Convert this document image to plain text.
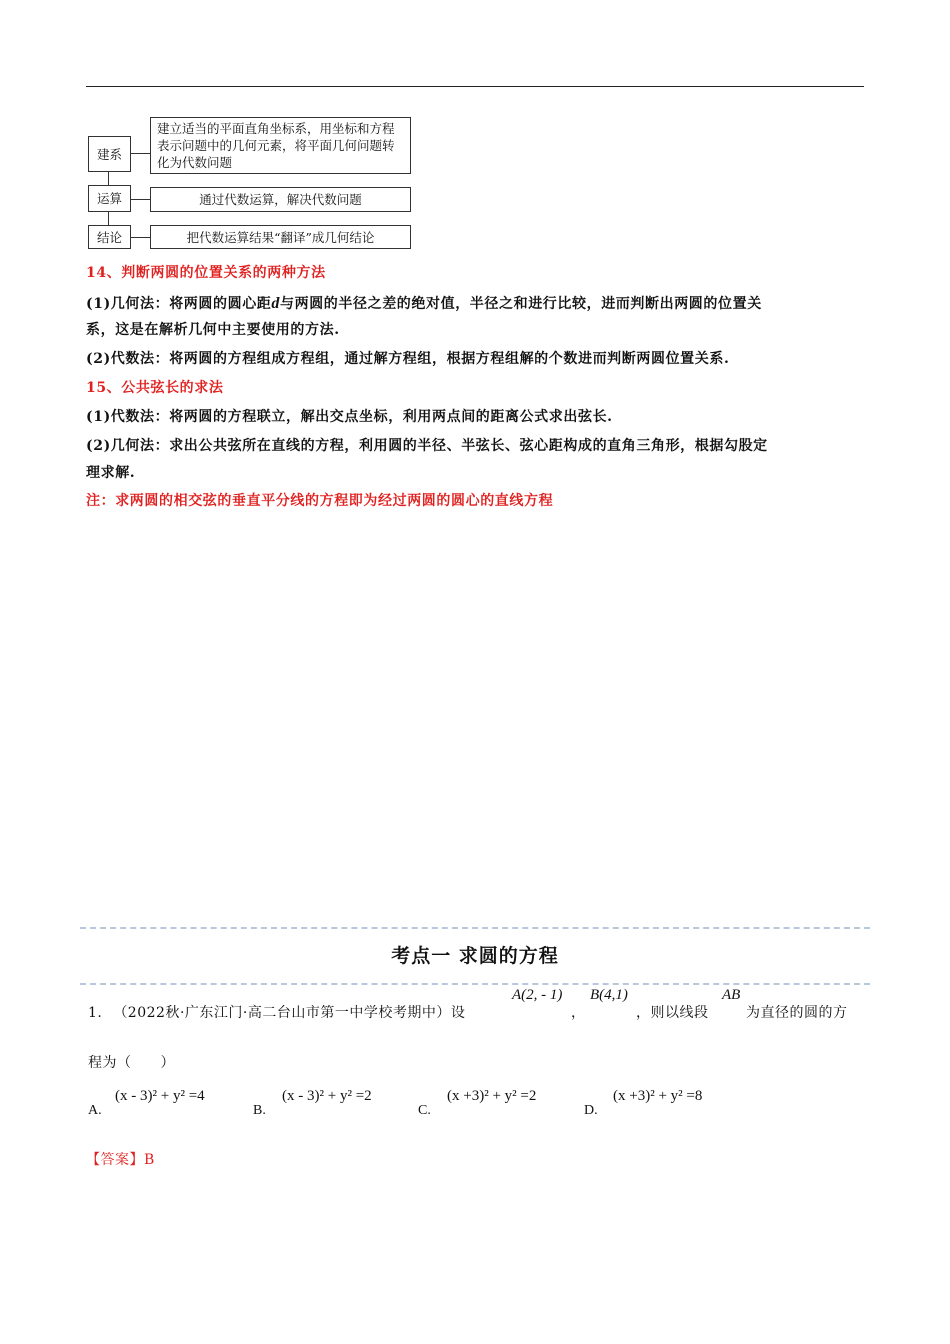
建系
建立适当的平面直角坐标系，用坐标和方程
表示问题中的几何元素，将平面几何问题转
化为代数问题
运算	通过代数运算，解决代数问题
结论	把代数运算结果“翻译”成几何结论
14、判断两圆的位置关系的两种方法
(1)几何法：将两圆的圆心距d与两圆的半径之差的绝对值，半径之和进行比较，进而判断出两圆的位置关
系，这是在解析几何中主要使用的方法.
(2)代数法：将两圆的方程组成方程组，通过解方程组，根据方程组解的个数进而判断两圆位置关系.
15、公共弦长的求法
(1)代数法：将两圆的方程联立，解出交点坐标，利用两点间的距离公式求出弦长.
(2)几何法：求出公共弦所在直线的方程，利用圆的半径、半弦长、弦心距构成的直角三角形，根据勾股定
理求解.
注：求两圆的相交弦的垂直平分线的方程即为经过两圆的圆心的直线方程
考点一 求圆的方程
1. （2022秋·广东江门·高二台山市第一中学校考期中）设
A(2, - 1)
，
B(4,1)
，则以线段
AB
为直径的圆的方
程为（　　）
A.
(x - 3)² + y² =4
B.
(x - 3)² + y² =2
C.
(x +3)² + y² =2
D.
(x +3)² + y² =8
【答案】B
